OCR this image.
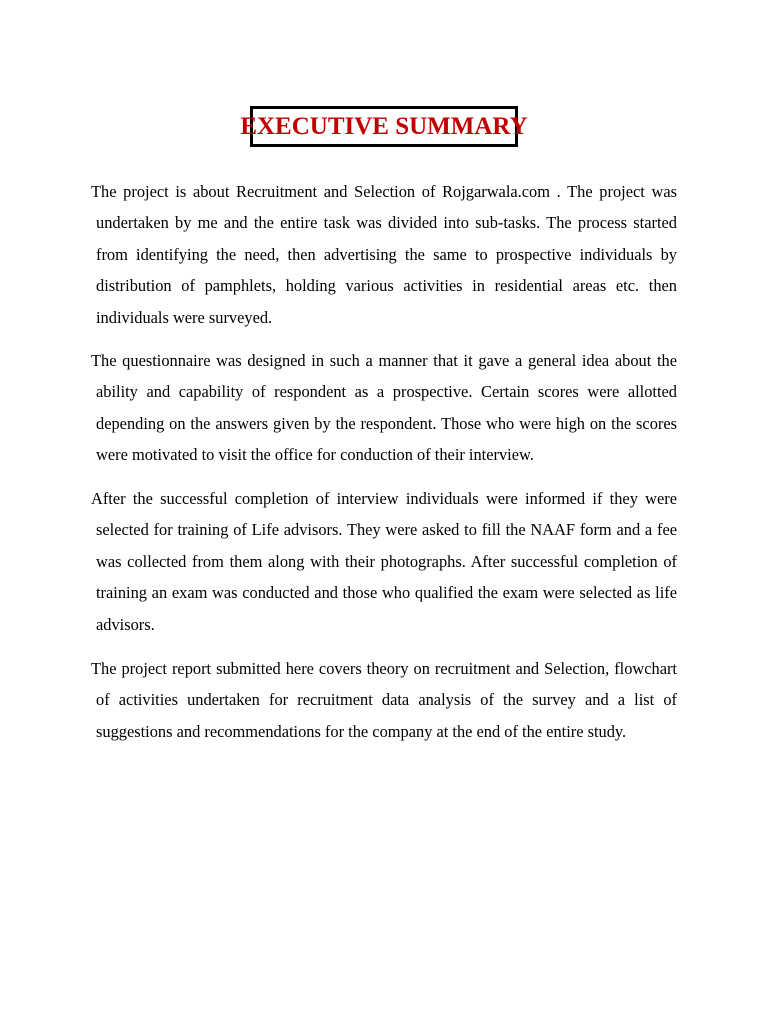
EXECUTIVE SUMMARY

The project is about Recruitment and Selection of Rojgarwala.com . The project was undertaken by me and the entire task was divided into sub-tasks. The process started from identifying the need, then advertising the same to prospective individuals by distribution of pamphlets, holding various activities in residential areas etc. then individuals were surveyed.

The questionnaire was designed in such a manner that it gave a general idea about the ability and capability of respondent as a prospective. Certain scores were allotted depending on the answers given by the respondent. Those who were high on the scores were motivated to visit the office for conduction of their interview.

After the successful completion of interview individuals were informed if they were selected for training of Life advisors. They were asked to fill the NAAF form and a fee was collected from them along with their photographs. After successful completion of training an exam was conducted and those who qualified the exam were selected as life advisors.

The project report submitted here covers theory on recruitment and Selection, flowchart of activities undertaken for recruitment data analysis of the survey and a list of suggestions and recommendations for the company at the end of the entire study.
